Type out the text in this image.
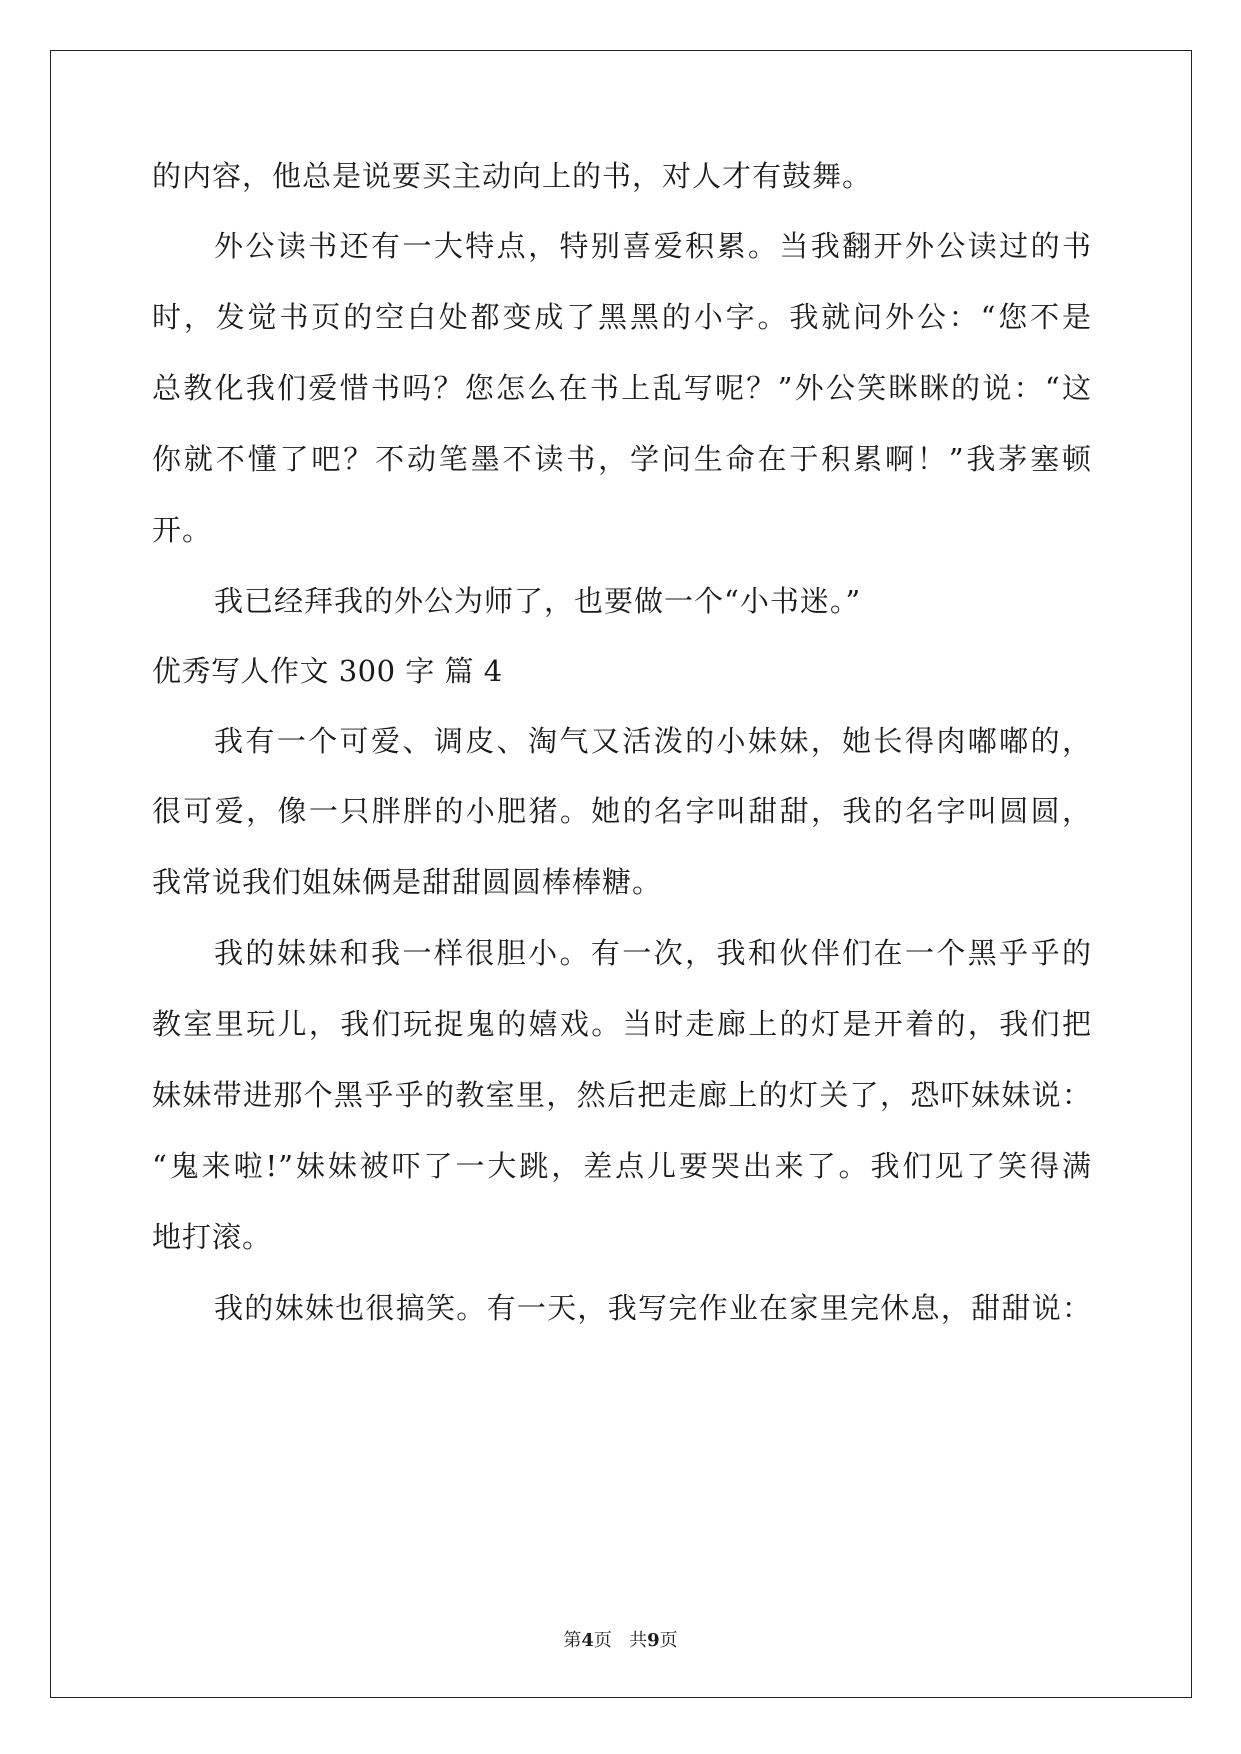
的内容，他总是说要买主动向上的书，对人才有鼓舞。
外公读书还有一大特点，特别喜爱积累。当我翻开外公读过的书
时，发觉书页的空白处都变成了黑黑的小字。我就问外公：“您不是
总教化我们爱惜书吗？您怎么在书上乱写呢？”外公笑眯眯的说：“这
你就不懂了吧？不动笔墨不读书，学问生命在于积累啊！”我茅塞顿
开。
我已经拜我的外公为师了，也要做一个“小书迷。”
优秀写人作文 300 字 篇 4
我有一个可爱、调皮、淘气又活泼的小妹妹，她长得肉嘟嘟的，
很可爱，像一只胖胖的小肥猪。她的名字叫甜甜，我的名字叫圆圆，
我常说我们姐妹俩是甜甜圆圆棒棒糖。
我的妹妹和我一样很胆小。有一次，我和伙伴们在一个黑乎乎的
教室里玩儿，我们玩捉鬼的嬉戏。当时走廊上的灯是开着的，我们把
妹妹带进那个黑乎乎的教室里，然后把走廊上的灯关了，恐吓妹妹说：
“鬼来啦!”妹妹被吓了一大跳，差点儿要哭出来了。我们见了笑得满
地打滚。
我的妹妹也很搞笑。有一天，我写完作业在家里完休息，甜甜说：
第4页 共9页
